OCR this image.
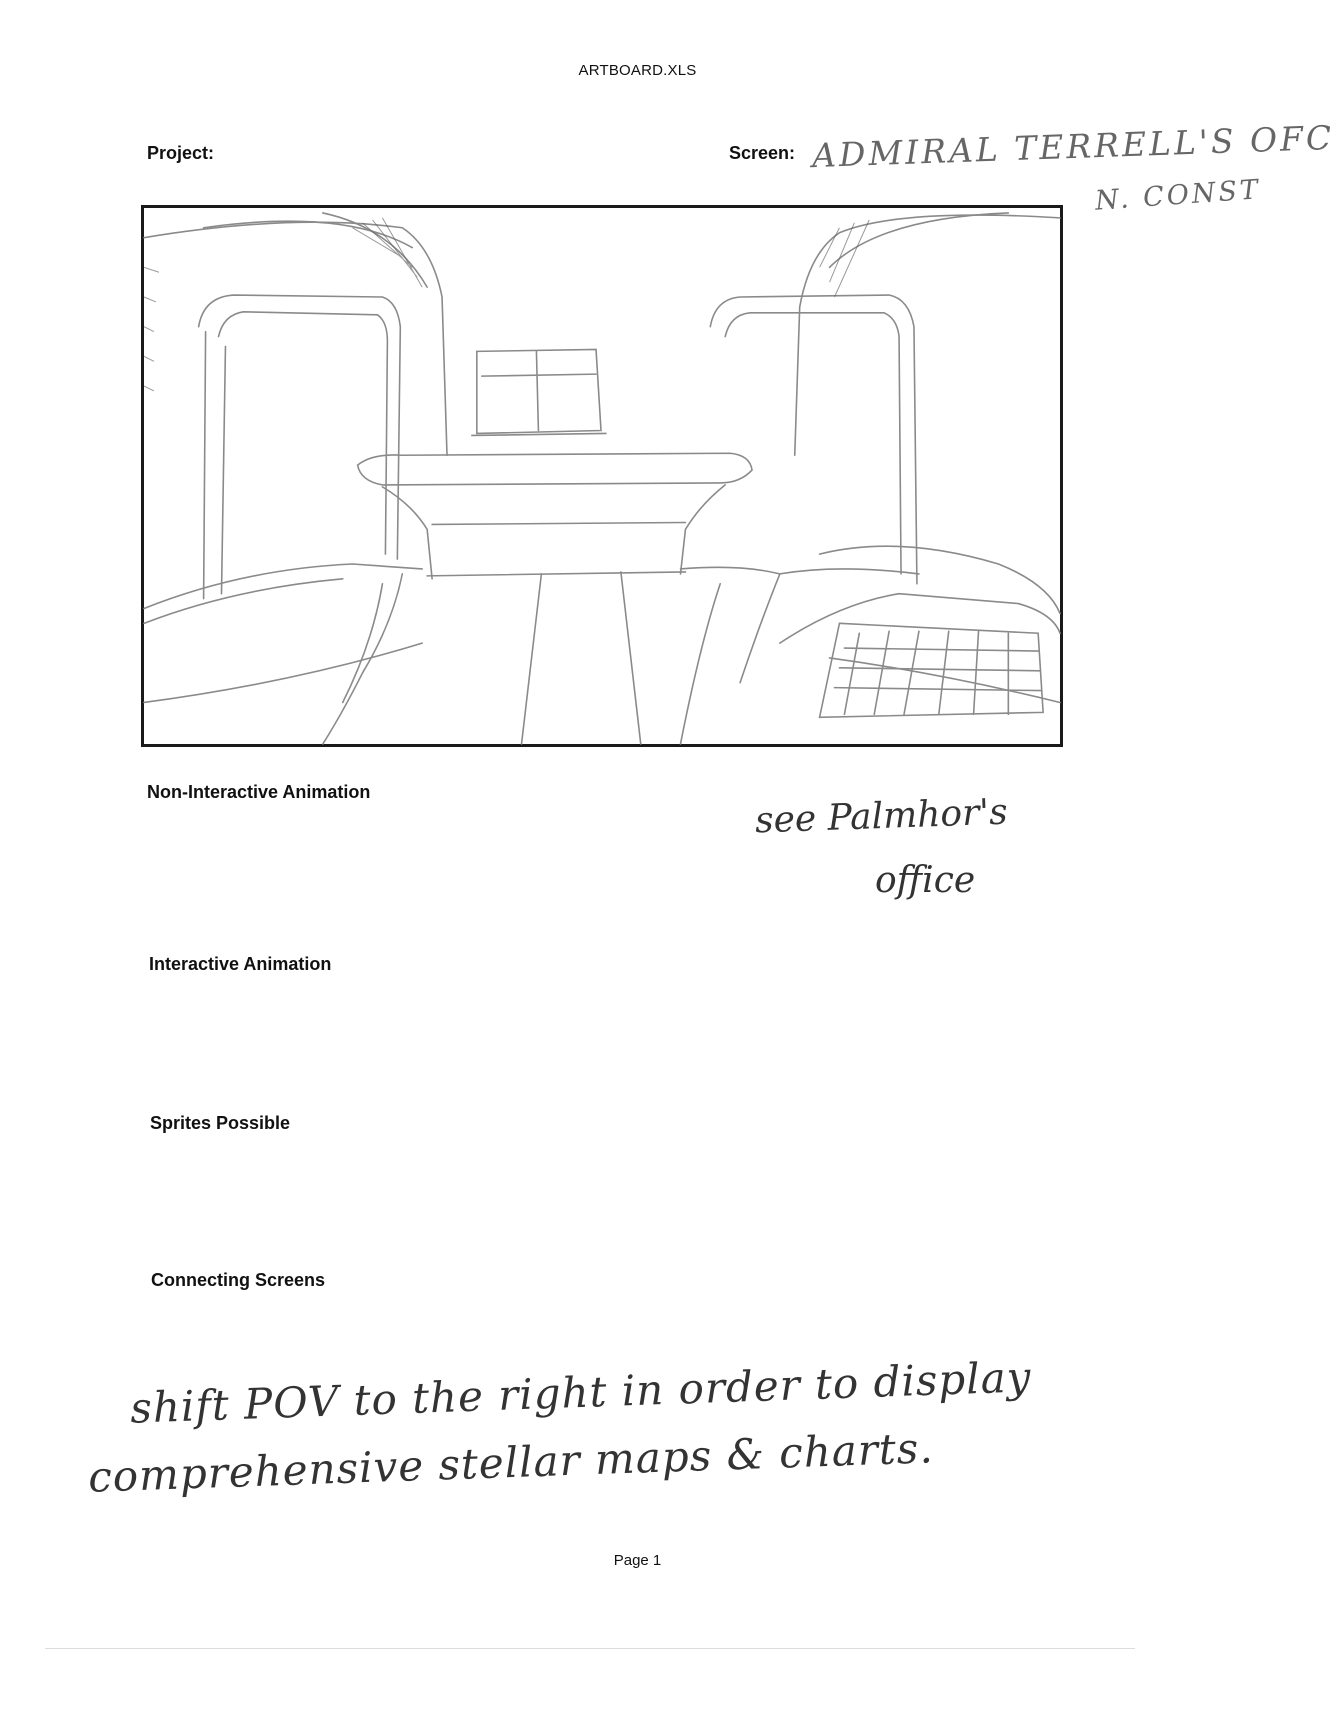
ARTBOARD.XLS
Project:	Screen: ADMIRAL TERRELL'S OFC
N. CONST
Non-Interactive Animation	see Palmhor's
office
Interactive Animation
Sprites Possible
Connecting Screens
shift POV to the right in order to display
comprehensive stellar maps & charts.
Page 1
